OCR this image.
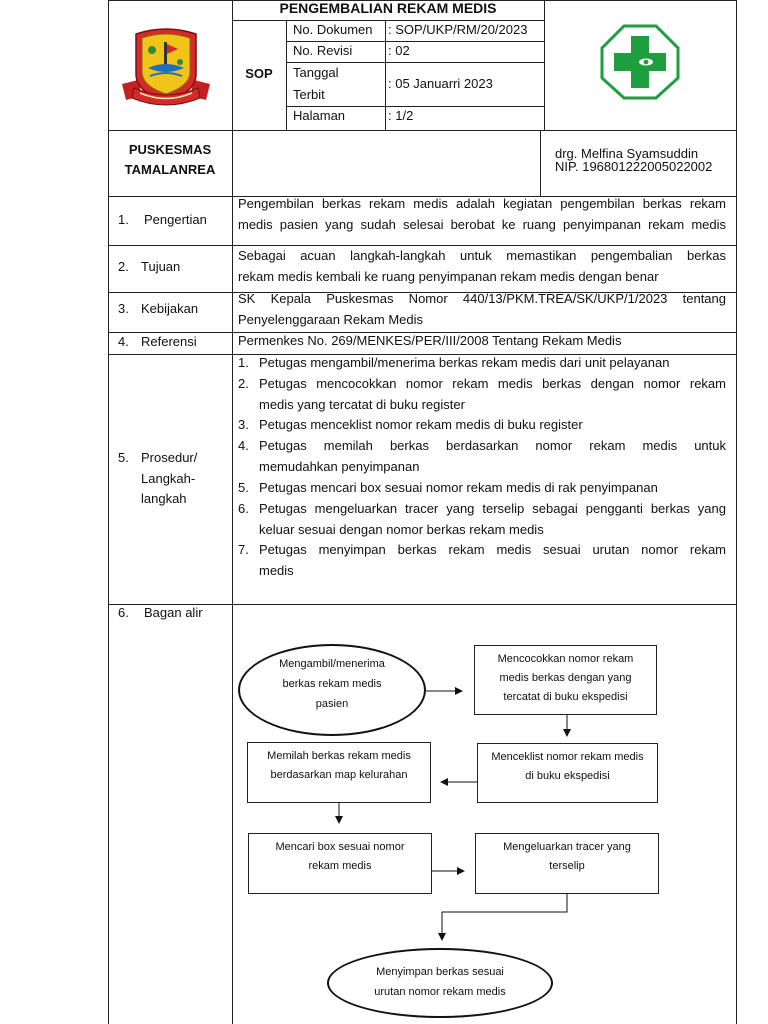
PENGEMBALIAN REKAM MEDIS
SOP
No. Dokumen : SOP/UKP/RM/20/2023
No. Revisi	: 02
Tanggal
Terbit
: 05 Januarri 2023
Halaman	: 1/2
PUSKESMAS
TAMALANREA
drg. Melfina Syamsuddin
NIP. 196801222005022002
1. Pengertian
Pengembilan berkas rekam medis adalah kegiatan pengembilan berkas rekam
medis pasien yang sudah selesai berobat ke ruang penyimpanan rekam medis
2. Tujuan
Sebagai acuan langkah-langkah untuk memastikan pengembalian berkas
rekam medis kembali ke ruang penyimpanan rekam medis dengan benar
3. Kebijakan
SK Kepala Puskesmas Nomor 440/13/PKM.TREA/SK/UKP/1/2023 tentang
Penyelenggaraan Rekam Medis
4. Referensi	Permenkes No. 269/MENKES/PER/III/2008 Tentang Rekam Medis
5. Prosedur/
Langkah-
langkah
1. Petugas mengambil/menerima berkas rekam medis dari unit pelayanan
2. Petugas mencocokkan nomor rekam medis berkas dengan nomor rekam
medis yang tercatat di buku register
3. Petugas menceklist nomor rekam medis di buku register
4. Petugas memilah berkas berdasarkan nomor rekam medis untuk
memudahkan penyimpanan
5. Petugas mencari box sesuai nomor rekam medis di rak penyimpanan
6. Petugas mengeluarkan tracer yang terselip sebagai pengganti berkas yang
keluar sesuai dengan nomor berkas rekam medis
7. Petugas menyimpan berkas rekam medis sesuai urutan nomor rekam
medis
6. Bagan alir
Mengambil/menerima
berkas rekam medis
pasien
Mencocokkan nomor rekam
medis berkas dengan yang
tercatat di buku ekspedisi
Menceklist nomor rekam medis
di buku ekspedisi
Memilah berkas rekam medis
berdasarkan map kelurahan
Mencari box sesuai nomor
rekam medis
Mengeluarkan tracer yang
terselip
Menyimpan berkas sesuai
urutan nomor rekam medis
